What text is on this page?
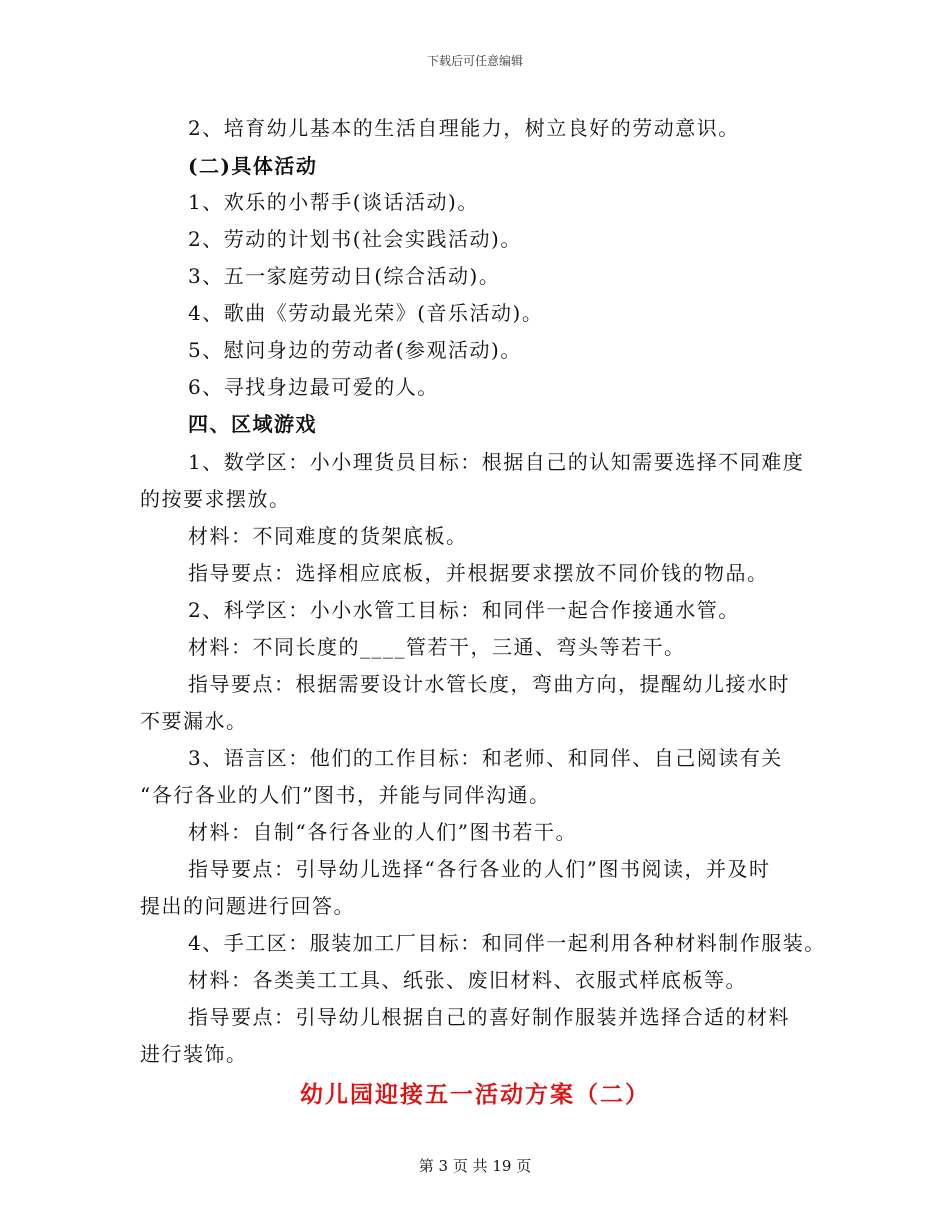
下载后可任意编辑
2、培育幼儿基本的生活自理能力，树立良好的劳动意识。
(二)具体活动
1、欢乐的小帮手(谈话活动)。
2、劳动的计划书(社会实践活动)。
3、五一家庭劳动日(综合活动)。
4、歌曲《劳动最光荣》(音乐活动)。
5、慰问身边的劳动者(参观活动)。
6、寻找身边最可爱的人。
四、区域游戏
1、数学区：小小理货员目标：根据自己的认知需要选择不同难度
的按要求摆放。
材料：不同难度的货架底板。
指导要点：选择相应底板，并根据要求摆放不同价钱的物品。
2、科学区：小小水管工目标：和同伴一起合作接通水管。
材料：不同长度的____管若干，三通、弯头等若干。
指导要点：根据需要设计水管长度，弯曲方向，提醒幼儿接水时
不要漏水。
3、语言区：他们的工作目标：和老师、和同伴、自己阅读有关
“各行各业的人们”图书，并能与同伴沟通。
材料：自制“各行各业的人们”图书若干。
指导要点：引导幼儿选择“各行各业的人们”图书阅读，并及时
提出的问题进行回答。
4、手工区：服装加工厂目标：和同伴一起利用各种材料制作服装。
材料：各类美工工具、纸张、废旧材料、衣服式样底板等。
指导要点：引导幼儿根据自己的喜好制作服装并选择合适的材料
进行装饰。
幼儿园迎接五一活动方案（二）
第 3 页 共 19 页
